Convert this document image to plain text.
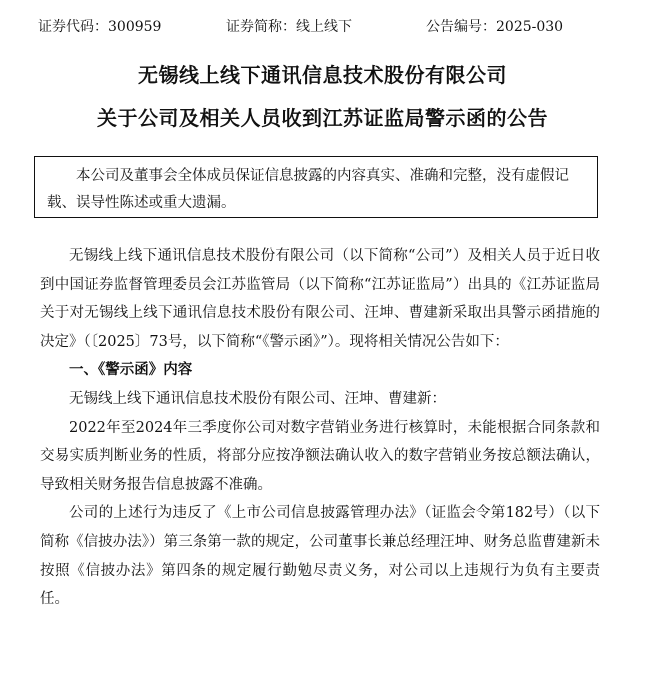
证券代码：300959	证券简称：线上线下	公告编号：2025-030
无锡线上线下通讯信息技术股份有限公司
关于公司及相关人员收到江苏证监局警示函的公告
本公司及董事会全体成员保证信息披露的内容真实、准确和完整，没有虚假记载、误导性陈述或重大遗漏。

无锡线上线下通讯信息技术股份有限公司（以下简称“公司”）及相关人员于近日收到中国证券监督管理委员会江苏监管局（以下简称“江苏证监局”）出具的《江苏证监局关于对无锡线上线下通讯信息技术股份有限公司、汪坤、曹建新采取出具警示函措施的决定》（〔2025〕73号，以下简称“《警示函》”）。现将相关情况公告如下：

一、《警示函》内容

无锡线上线下通讯信息技术股份有限公司、汪坤、曹建新：

2022年至2024年三季度你公司对数字营销业务进行核算时，未能根据合同条款和交易实质判断业务的性质，将部分应按净额法确认收入的数字营销业务按总额法确认，导致相关财务报告信息披露不准确。

公司的上述行为违反了《上市公司信息披露管理办法》（证监会令第182号）（以下简称《信披办法》）第三条第一款的规定，公司董事长兼总经理汪坤、财务总监曹建新未按照《信披办法》第四条的规定履行勤勉尽责义务，对公司以上违规行为负有主要责任。
